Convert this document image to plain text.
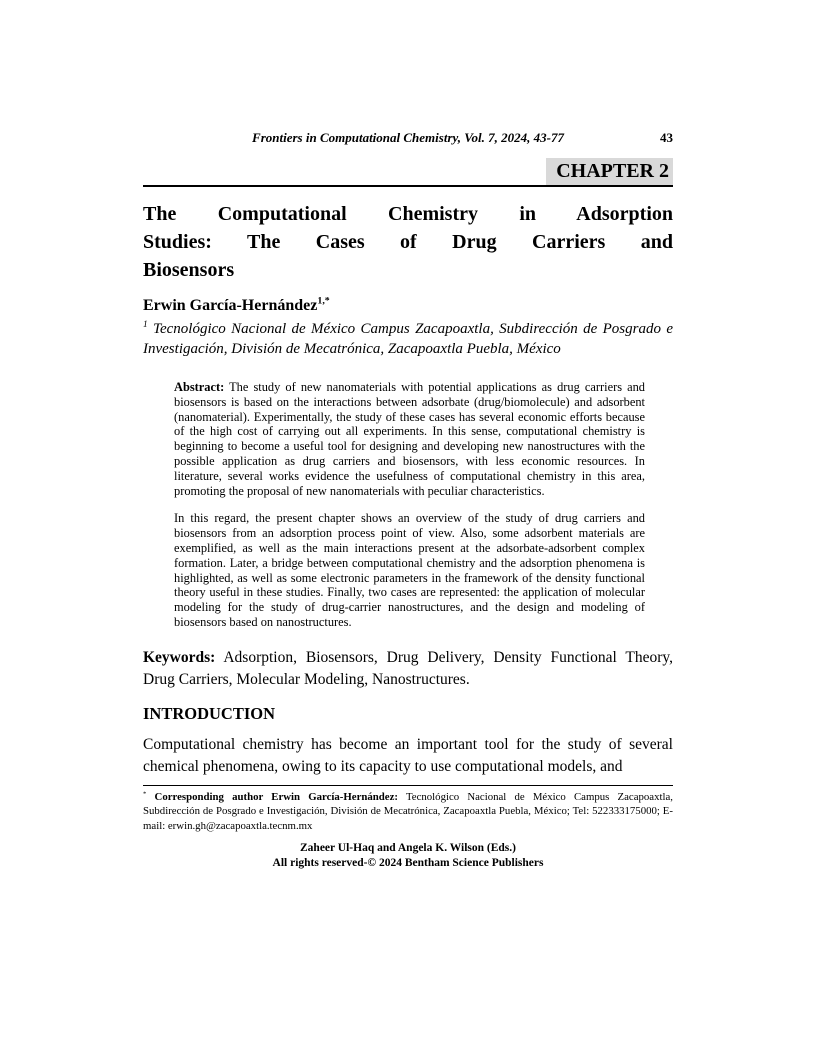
Frontiers in Computational Chemistry, Vol. 7, 2024, 43-77	43
CHAPTER 2
The Computational Chemistry in Adsorption
Studies: The Cases of Drug Carriers and
Biosensors
Erwin García-Hernández$^{1,*}$
$^1$ Tecnológico Nacional de México Campus Zacapoaxtla, Subdirección de Posgrado e Investigación, División de Mecatrónica, Zacapoaxtla Puebla, México

Abstract: The study of new nanomaterials with potential applications as drug carriers and biosensors is based on the interactions between adsorbate (drug/biomolecule) and adsorbent (nanomaterial). Experimentally, the study of these cases has several economic efforts because of the high cost of carrying out all experiments. In this sense, computational chemistry is beginning to become a useful tool for designing and developing new nanostructures with the possible application as drug carriers and biosensors, with less economic resources. In literature, several works evidence the usefulness of computational chemistry in this area, promoting the proposal of new nanomaterials with peculiar characteristics.

In this regard, the present chapter shows an overview of the study of drug carriers and biosensors from an adsorption process point of view. Also, some adsorbent materials are exemplified, as well as the main interactions present at the adsorbate-adsorbent complex formation. Later, a bridge between computational chemistry and the adsorption phenomena is highlighted, as well as some electronic parameters in the framework of the density functional theory useful in these studies. Finally, two cases are represented: the application of molecular modeling for the study of drug-carrier nanostructures, and the design and modeling of biosensors based on nanostructures.

Keywords: Adsorption, Biosensors, Drug Delivery, Density Functional Theory, Drug Carriers, Molecular Modeling, Nanostructures.

INTRODUCTION

Computational chemistry has become an important tool for the study of several chemical phenomena, owing to its capacity to use computational models, and

* Corresponding author Erwin García-Hernández: Tecnológico Nacional de México Campus Zacapoaxtla, Subdirección de Posgrado e Investigación, División de Mecatrónica, Zacapoaxtla Puebla, México; Tel: 522333175000; E-mail: erwin.gh@zacapoaxtla.tecnm.mx
Zaheer Ul-Haq and Angela K. Wilson (Eds.)
All rights reserved-© 2024 Bentham Science Publishers
